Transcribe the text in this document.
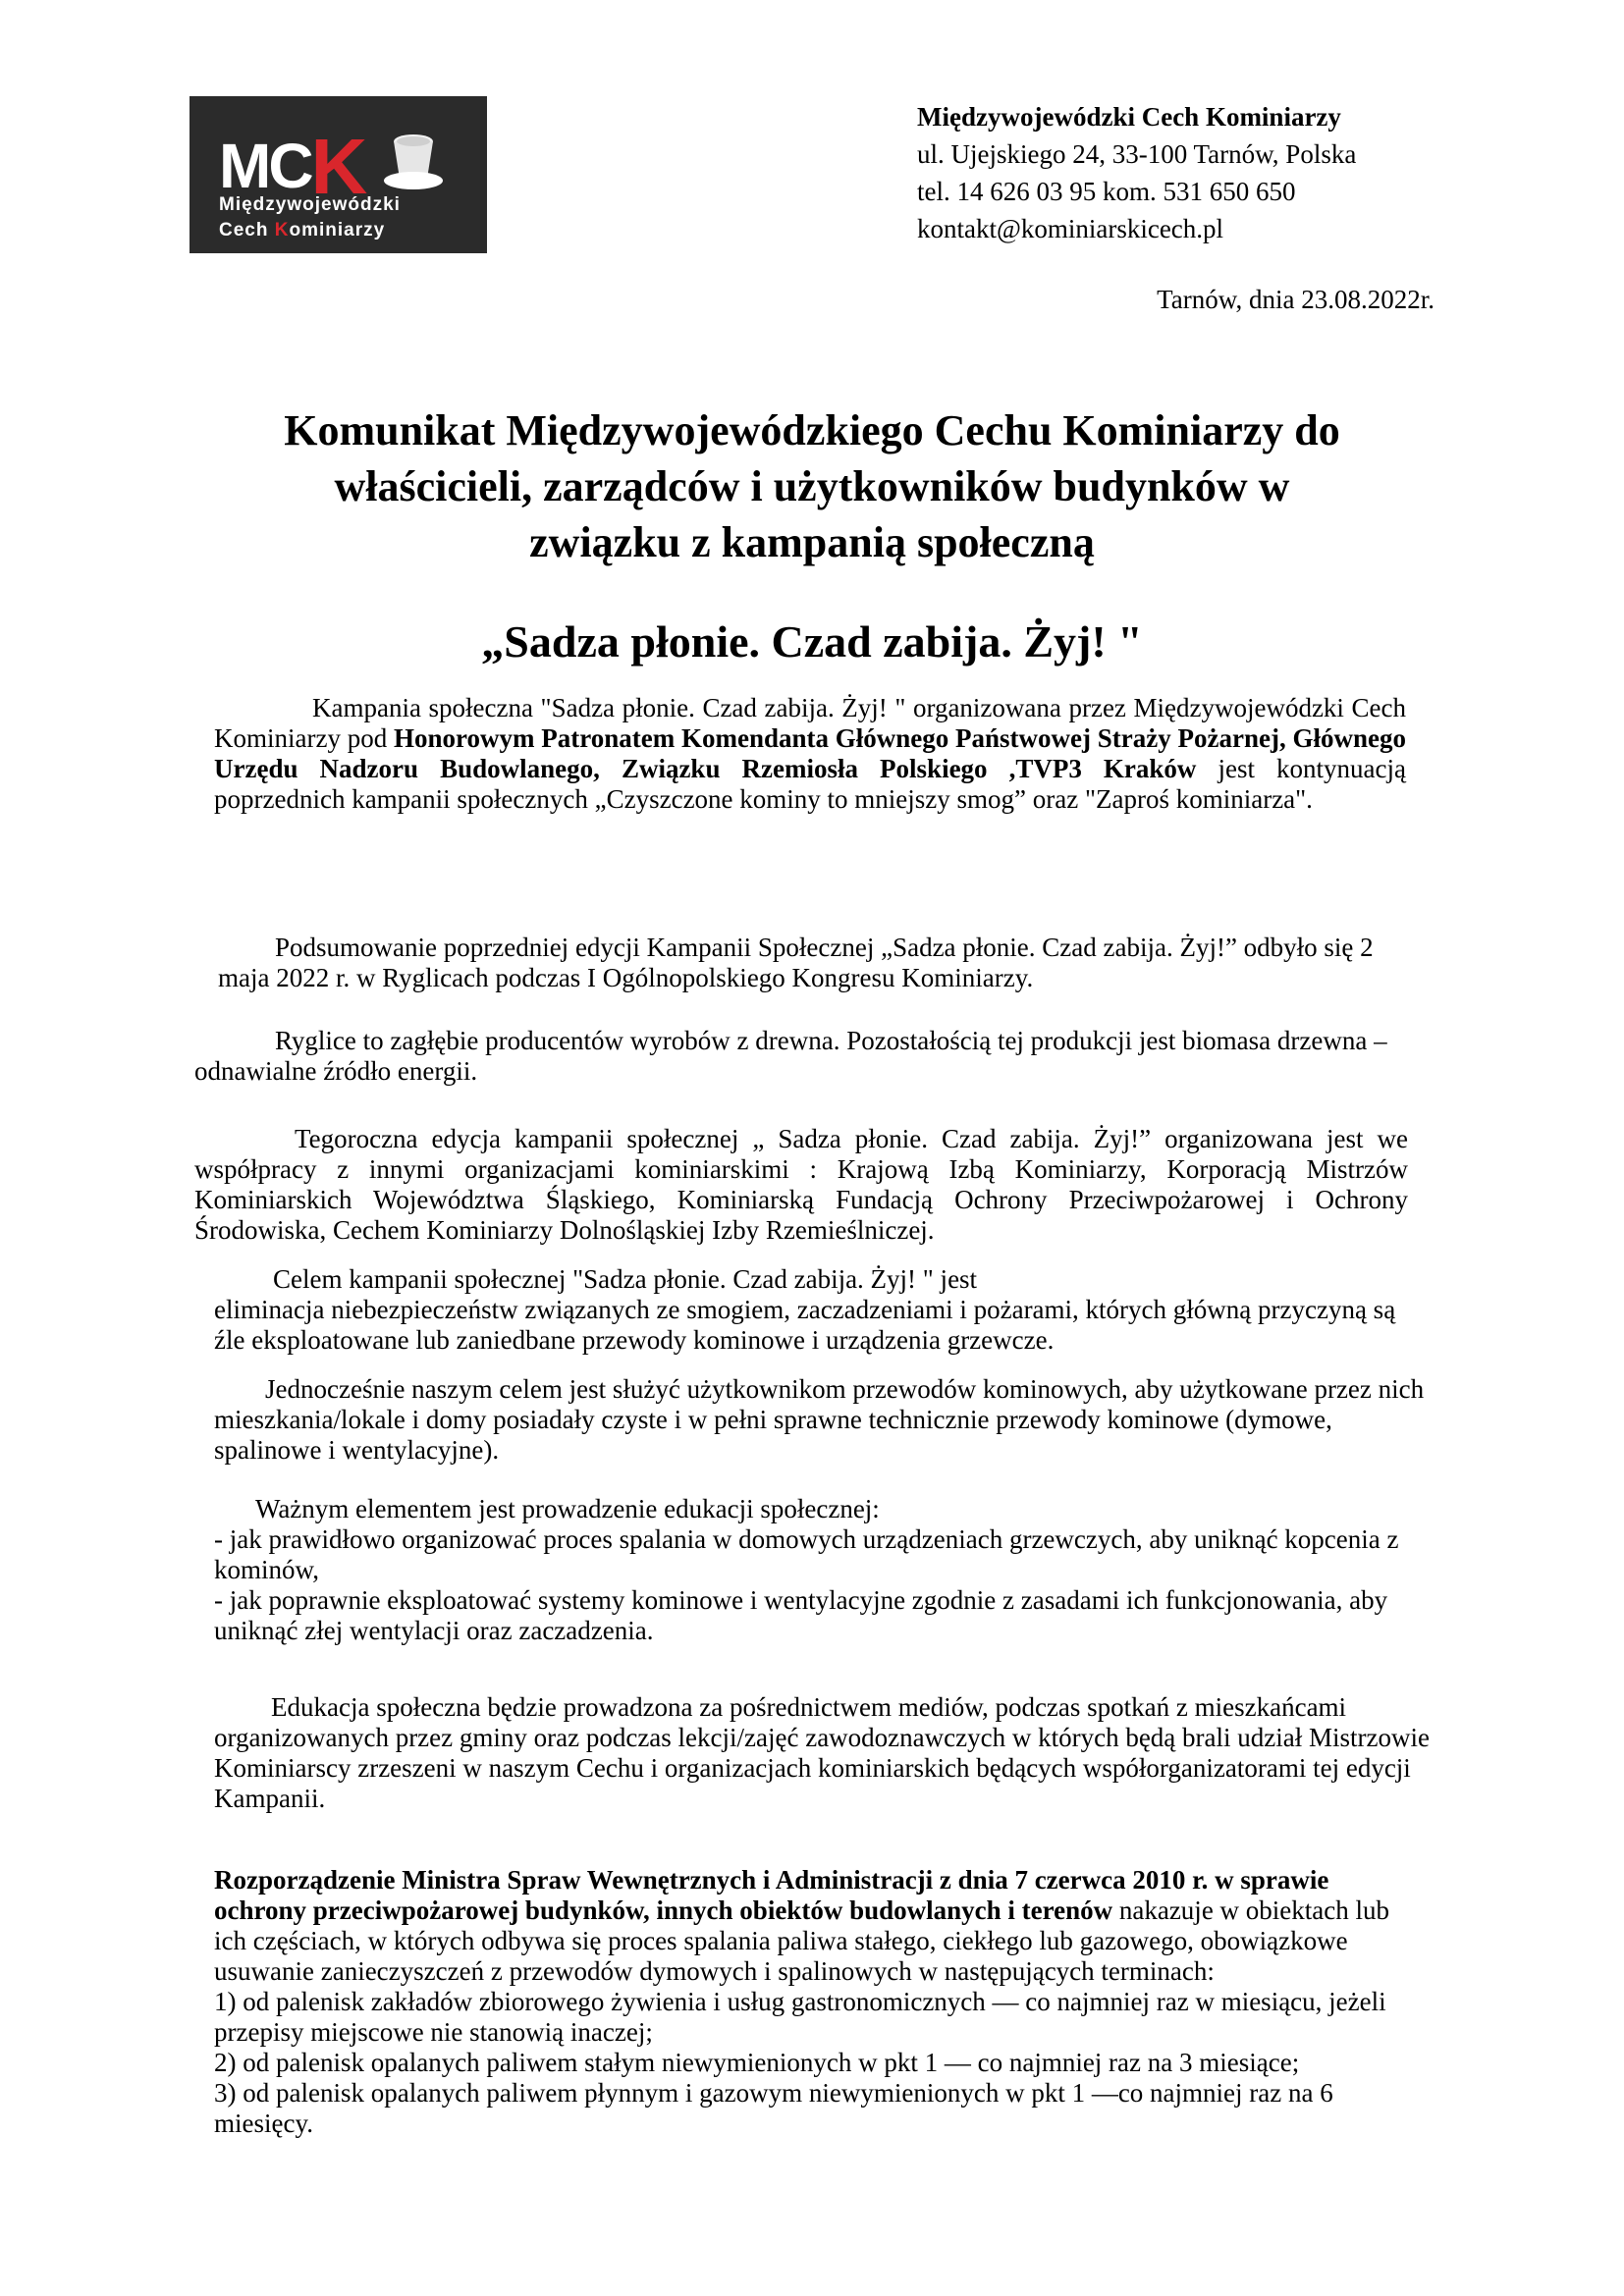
MCK
Międzywojewódzki
Cech Kominiarzy
Międzywojewódzki Cech Kominiarzy
ul. Ujejskiego 24, 33-100 Tarnów, Polska
tel. 14 626 03 95 kom. 531 650 650
kontakt@kominiarskicech.pl
Tarnów, dnia 23.08.2022r.
Komunikat Międzywojewódzkiego Cechu Kominiarzy do
właścicieli, zarządców i użytkowników budynków w
związku z kampanią społeczną
„Sadza płonie. Czad zabija. Żyj! "
Kampania społeczna "Sadza płonie. Czad zabija. Żyj! " organizowana przez Międzywojewódzki Cech Kominiarzy pod Honorowym Patronatem Komendanta Głównego Państwowej Straży Pożarnej, Głównego Urzędu Nadzoru Budowlanego, Związku Rzemiosła Polskiego ,TVP3 Kraków jest kontynuacją poprzednich kampanii społecznych „Czyszczone kominy to mniejszy smog” oraz "Zaproś kominiarza".
Podsumowanie poprzedniej edycji Kampanii Społecznej „Sadza płonie. Czad zabija. Żyj!” odbyło się 2 maja 2022 r. w Ryglicach podczas I Ogólnopolskiego Kongresu Kominiarzy.
Ryglice to zagłębie producentów wyrobów z drewna. Pozostałością tej produkcji jest biomasa drzewna – odnawialne źródło energii.
Tegoroczna edycja kampanii społecznej „ Sadza płonie. Czad zabija. Żyj!” organizowana jest we współpracy z innymi organizacjami kominiarskimi : Krajową Izbą Kominiarzy, Korporacją Mistrzów Kominiarskich Województwa Śląskiego, Kominiarską Fundacją Ochrony Przeciwpożarowej i Ochrony Środowiska, Cechem Kominiarzy Dolnośląskiej Izby Rzemieślniczej.
Celem kampanii społecznej "Sadza płonie. Czad zabija. Żyj! " jest
eliminacja niebezpieczeństw związanych ze smogiem, zaczadzeniami i pożarami, których główną przyczyną są źle eksploatowane lub zaniedbane przewody kominowe i urządzenia grzewcze.
Jednocześnie naszym celem jest służyć użytkownikom przewodów kominowych, aby użytkowane przez nich mieszkania/lokale i domy posiadały czyste i w pełni sprawne technicznie przewody kominowe (dymowe, spalinowe i wentylacyjne).
Ważnym elementem jest prowadzenie edukacji społecznej:
- jak prawidłowo organizować proces spalania w domowych urządzeniach grzewczych, aby uniknąć kopcenia z kominów,
- jak poprawnie eksploatować systemy kominowe i wentylacyjne zgodnie z zasadami ich funkcjonowania, aby uniknąć złej wentylacji oraz zaczadzenia.
Edukacja społeczna będzie prowadzona za pośrednictwem mediów, podczas spotkań z mieszkańcami organizowanych przez gminy oraz podczas lekcji/zajęć zawodoznawczych w których będą brali udział Mistrzowie Kominiarscy zrzeszeni w naszym Cechu i organizacjach kominiarskich będących współorganizatorami tej edycji Kampanii.
Rozporządzenie Ministra Spraw Wewnętrznych i Administracji z dnia 7 czerwca 2010 r. w sprawie ochrony przeciwpożarowej budynków, innych obiektów budowlanych i terenów nakazuje w obiektach lub ich częściach, w których odbywa się proces spalania paliwa stałego, ciekłego lub gazowego, obowiązkowe usuwanie zanieczyszczeń z przewodów dymowych i spalinowych w następujących terminach:
1) od palenisk zakładów zbiorowego żywienia i usług gastronomicznych — co najmniej raz w miesiącu, jeżeli przepisy miejscowe nie stanowią inaczej;
2) od palenisk opalanych paliwem stałym niewymienionych w pkt 1 — co najmniej raz na 3 miesiące;
3) od palenisk opalanych paliwem płynnym i gazowym niewymienionych w pkt 1 —co najmniej raz na 6 miesięcy.
